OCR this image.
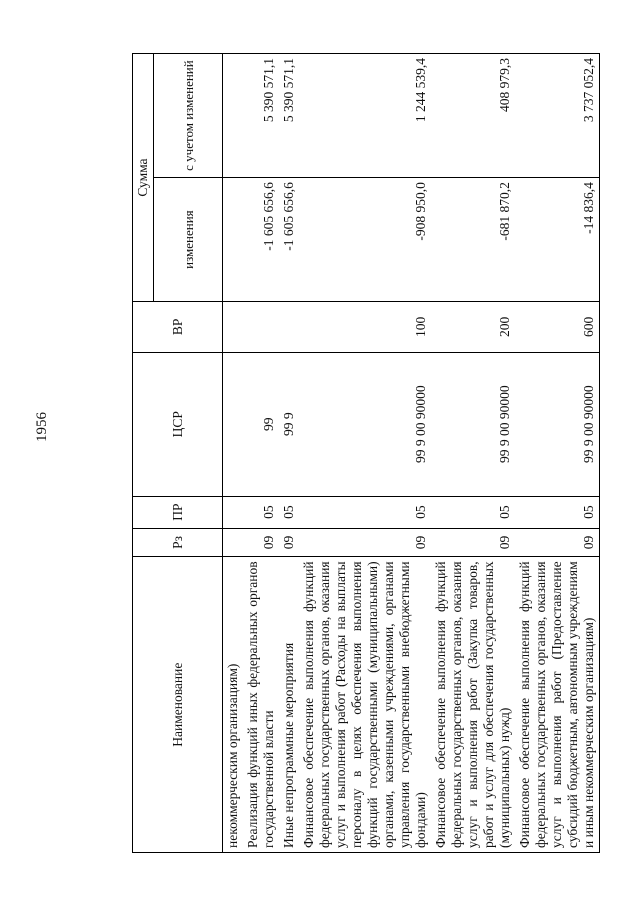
1956
Наименование	Рз	ПР	ЦСР	ВР	Сумма	
					изменения	с учетом изменений
некоммерческим организациям)						
Реализация функций иных федеральных органов государственной власти	09	05	99		-1 605 656,6	5 390 571,1
Иные непрограммные мероприятия	09	05	99 9		-1 605 656,6	5 390 571,1
Финансовое обеспечение выполнения функций федеральных государственных органов, оказания услуг и выполнения работ (Расходы на выплаты персоналу в целях обеспечения выполнения функций государственными (муниципальными) органами, казенными учреждениями, органами управления государственными внебюджетными фондами)	09	05	99 9 00 90000	100	-908 950,0	1 244 539,4
Финансовое обеспечение выполнения функций федеральных государственных органов, оказания услуг и выполнения работ (Закупка товаров, работ и услуг для обеспечения государственных (муниципальных) нужд)	09	05	99 9 00 90000	200	-681 870,2	408 979,3
Финансовое обеспечение выполнения функций федеральных государственных органов, оказания услуг и выполнения работ (Предоставление субсидий бюджетным, автономным учреждениям и иным некоммерческим организациям)	09	05	99 9 00 90000	600	-14 836,4	3 737 052,4
